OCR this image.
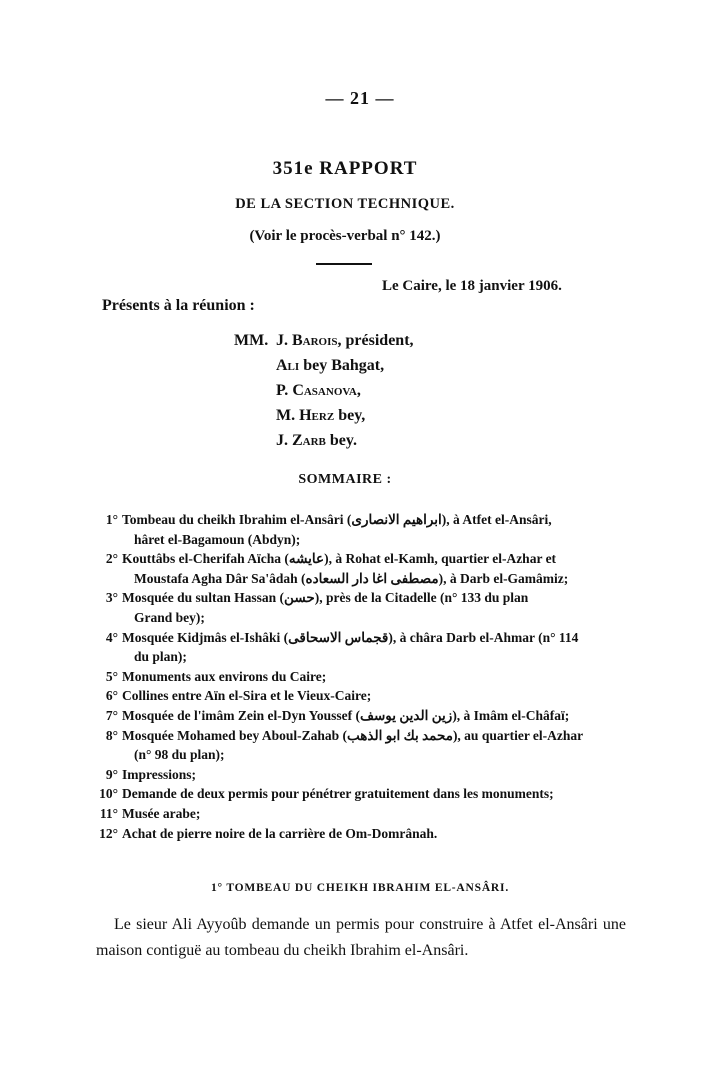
— 21 —
351e RAPPORT
DE LA SECTION TECHNIQUE.
(Voir le procès-verbal n° 142.)
Le Caire, le 18 janvier 1906.
Présents à la réunion :
MM. J. Barois, président,
Ali bey Bahgat,
P. Casanova,
M. Herz bey,
J. Zarb bey.
SOMMAIRE :
1° Tombeau du cheikh Ibrahim el-Ansâri (ابراهيم الانصارى), à Atfet el-Ansâri,
hâret el-Bagamoun (Abdyn);
2° Kouttâbs el-Cherifah Aïcha (عايشه), à Rohat el-Kamh, quartier el-Azhar et
Moustafa Agha Dâr Sa'âdah (مصطفى اغا دار السعاده), à Darb el-Gamâmiz;
3° Mosquée du sultan Hassan (حسن), près de la Citadelle (n° 133 du plan
Grand bey);
4° Mosquée Kidjmâs el-Ishâki (قجماس الاسحاقى), à châra Darb el-Ahmar (n° 114
du plan);
5° Monuments aux environs du Caire;
6° Collines entre Aïn el-Sira et le Vieux-Caire;
7° Mosquée de l'imâm Zein el-Dyn Youssef (زين الدين يوسف), à Imâm el-Châfaï;
8° Mosquée Mohamed bey Aboul-Zahab (محمد بك ابو الذهب), au quartier el-Azhar
(n° 98 du plan);
9° Impressions;
10° Demande de deux permis pour pénétrer gratuitement dans les monuments;
11° Musée arabe;
12° Achat de pierre noire de la carrière de Om-Domrânah.
1° TOMBEAU DU CHEIKH IBRAHIM EL-ANSÂRI.
Le sieur Ali Ayyoûb demande un permis pour construire à Atfet el-Ansâri une maison contiguë au tombeau du cheikh Ibrahim el-Ansâri.
